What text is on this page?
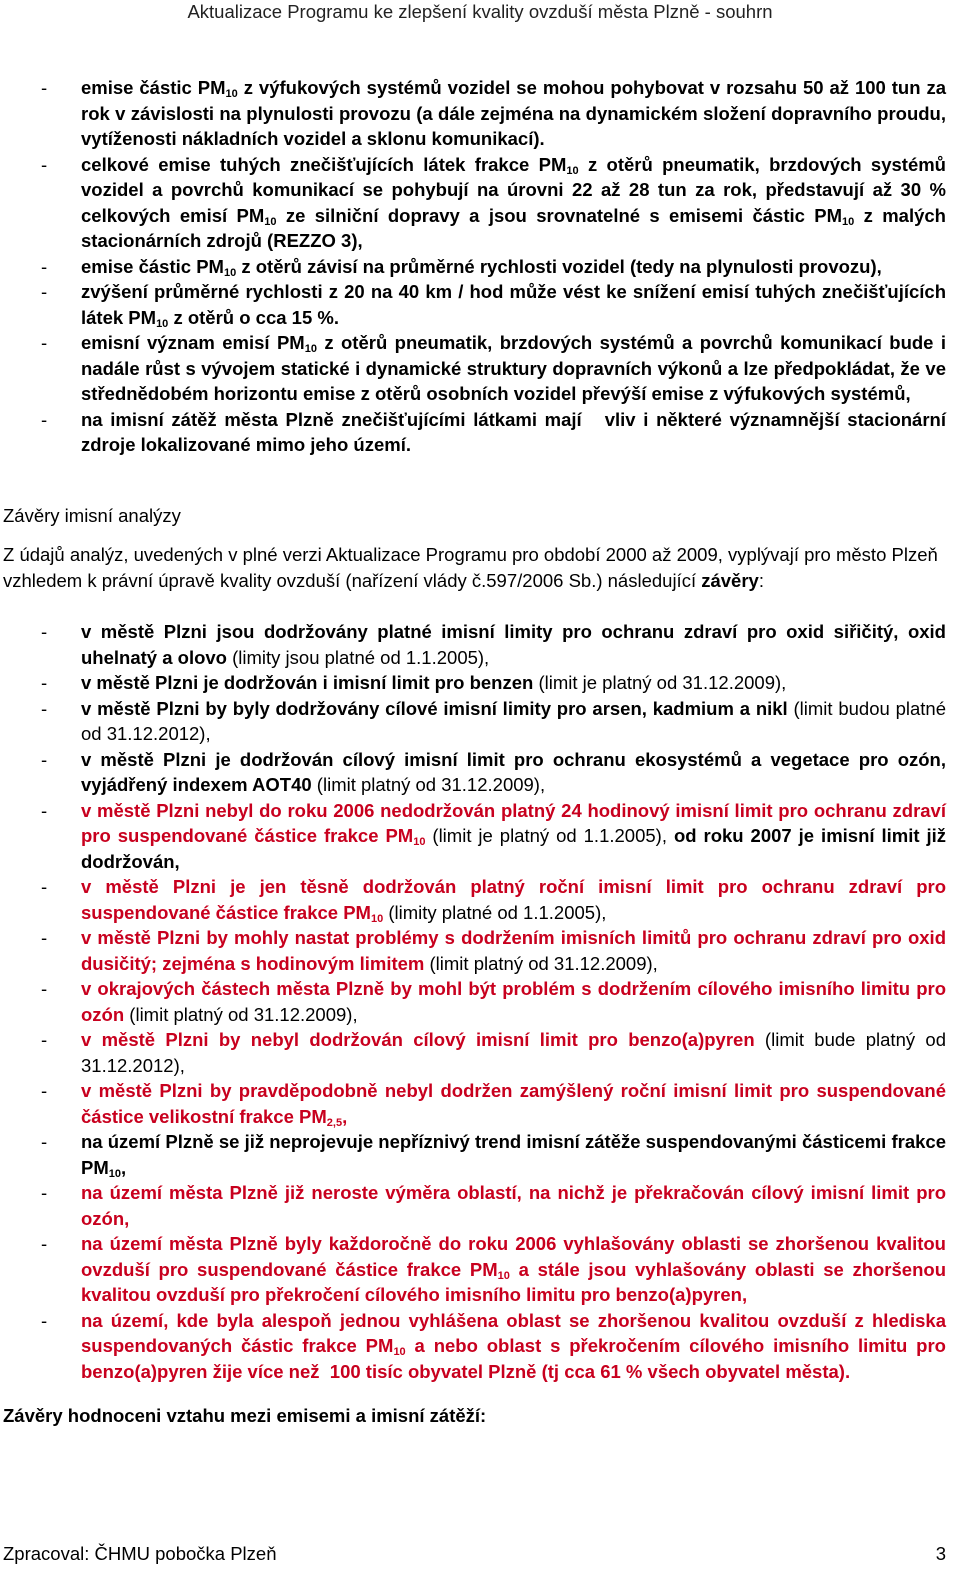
Aktualizace Programu ke zlepšení kvality ovzduší města Plzně - souhrn
- emise částic $PM_{10}$ z výfukových systémů vozidel se mohou pohybovat v rozsahu 50 až 100 tun za rok v závislosti na plynulosti provozu (a dále zejména na dynamickém složení dopravního proudu, vytíženosti nákladních vozidel a sklonu komunikací).
- celkové emise tuhých znečišťujících látek frakce $PM_{10}$ z otěrů pneumatik, brzdových systémů vozidel a povrchů komunikací se pohybují na úrovni 22 až 28 tun za rok, představují až 30 % celkových emisí $PM_{10}$ ze silniční dopravy a jsou srovnatelné s emisemi částic $PM_{10}$ z malých stacionárních zdrojů (REZZO 3),
- emise částic $PM_{10}$ z otěrů závisí na průměrné rychlosti vozidel (tedy na plynulosti provozu),
- zvýšení průměrné rychlosti z 20 na 40 km / hod může vést ke snížení emisí tuhých znečišťujících látek $PM_{10}$ z otěrů o cca 15 %.
- emisní význam emisí $PM_{10}$ z otěrů pneumatik, brzdových systémů a povrchů komunikací bude i nadále růst s vývojem statické i dynamické struktury dopravních výkonů a lze předpokládat, že ve střednědobém horizontu emise z otěrů osobních vozidel převýší emise z výfukových systémů,
- na imisní zátěž města Plzně znečišťujícími látkami mají   vliv i některé významnější stacionární zdroje lokalizované mimo jeho území.
Závěry imisní analýzy
Z údajů analýz, uvedených v plné verzi Aktualizace Programu pro období 2000 až 2009, vyplývají pro město Plzeň vzhledem k právní úpravě kvality ovzduší (nařízení vlády č.597/2006 Sb.) následující závěry:
- v městě Plzni jsou dodržovány platné imisní limity pro ochranu zdraví pro oxid siřičitý, oxid uhelnatý a olovo (limity jsou platné od 1.1.2005),
- v městě Plzni je dodržován i imisní limit pro benzen (limit je platný od 31.12.2009),
- v městě Plzni by byly dodržovány cílové imisní limity pro arsen, kadmium a nikl (limit budou platné od 31.12.2012),
- v městě Plzni je dodržován cílový imisní limit pro ochranu ekosystémů a vegetace pro ozón, vyjádřený indexem AOT40 (limit platný od 31.12.2009),
- v městě Plzni nebyl do roku 2006 nedodržován platný 24 hodinový imisní limit pro ochranu zdraví pro suspendované částice frakce $PM_{10}$ (limit je platný od 1.1.2005), od roku 2007 je imisní limit již dodržován,
- v městě Plzni je jen těsně dodržován platný roční imisní limit pro ochranu zdraví pro suspendované částice frakce $PM_{10}$ (limity platné od 1.1.2005),
- v městě Plzni by mohly nastat problémy s dodržením imisních limitů pro ochranu zdraví pro oxid dusičitý; zejména s hodinovým limitem (limit platný od 31.12.2009),
- v okrajových částech města Plzně by mohl být problém s dodržením cílového imisního limitu pro ozón (limit platný od 31.12.2009),
- v městě Plzni by nebyl dodržován cílový imisní limit pro benzo(a)pyren (limit bude platný od 31.12.2012),
- v městě Plzni by pravděpodobně nebyl dodržen zamýšlený roční imisní limit pro suspendované částice velikostní frakce $PM_{2,5}$,
- na území Plzně se již neprojevuje nepříznivý trend imisní zátěže suspendovanými částicemi frakce $PM_{10}$,
- na území města Plzně již neroste výměra oblastí, na nichž je překračován cílový imisní limit pro ozón,
- na území města Plzně byly každoročně do roku 2006 vyhlašovány oblasti se zhoršenou kvalitou ovzduší pro suspendované částice frakce $PM_{10}$ a stále jsou vyhlašovány oblasti se zhoršenou kvalitou ovzduší pro překročení cílového imisního limitu pro benzo(a)pyren,
- na území, kde byla alespoň jednou vyhlášena oblast se zhoršenou kvalitou ovzduší z hlediska suspendovaných částic frakce $PM_{10}$ a nebo oblast s překročením cílového imisního limitu pro benzo(a)pyren žije více než  100 tisíc obyvatel Plzně (tj cca 61 % všech obyvatel města).
Závěry hodnoceni vztahu mezi emisemi a imisní zátěží:
Zpracoval: ČHMU pobočka Plzeň	3
